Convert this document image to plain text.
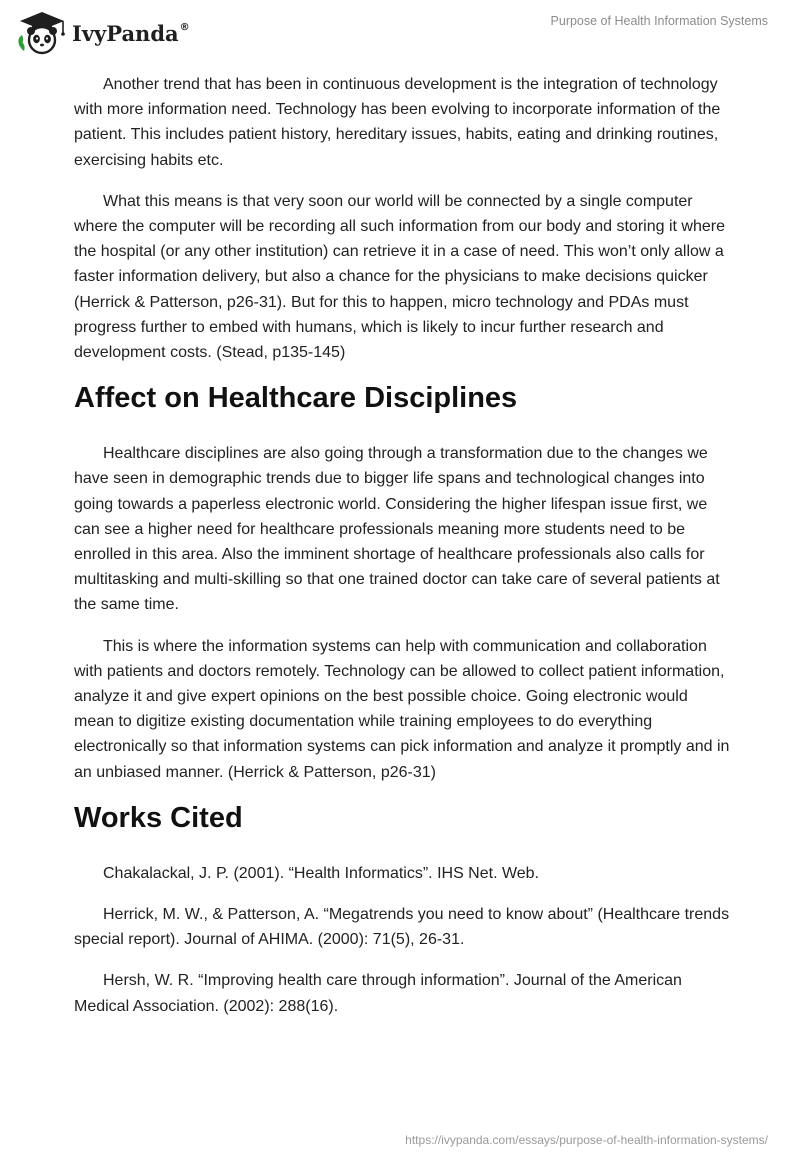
IvyPanda®	Purpose of Health Information Systems

Another trend that has been in continuous development is the integration of technology with more information need. Technology has been evolving to incorporate information of the patient. This includes patient history, hereditary issues, habits, eating and drinking routines, exercising habits etc.

What this means is that very soon our world will be connected by a single computer where the computer will be recording all such information from our body and storing it where the hospital (or any other institution) can retrieve it in a case of need. This won’t only allow a faster information delivery, but also a chance for the physicians to make decisions quicker (Herrick & Patterson, p26-31). But for this to happen, micro technology and PDAs must progress further to embed with humans, which is likely to incur further research and development costs. (Stead, p135-145)

Affect on Healthcare Disciplines

Healthcare disciplines are also going through a transformation due to the changes we have seen in demographic trends due to bigger life spans and technological changes into going towards a paperless electronic world. Considering the higher lifespan issue first, we can see a higher need for healthcare professionals meaning more students need to be enrolled in this area. Also the imminent shortage of healthcare professionals also calls for multitasking and multi-skilling so that one trained doctor can take care of several patients at the same time.

This is where the information systems can help with communication and collaboration with patients and doctors remotely. Technology can be allowed to collect patient information, analyze it and give expert opinions on the best possible choice. Going electronic would mean to digitize existing documentation while training employees to do everything electronically so that information systems can pick information and analyze it promptly and in an unbiased manner. (Herrick & Patterson, p26-31)

Works Cited

Chakalackal, J. P. (2001). “Health Informatics”. IHS Net. Web.

Herrick, M. W., & Patterson, A. “Megatrends you need to know about” (Healthcare trends special report). Journal of AHIMA. (2000): 71(5), 26-31.

Hersh, W. R. “Improving health care through information”. Journal of the American Medical Association. (2002): 288(16).

https://ivypanda.com/essays/purpose-of-health-information-systems/
